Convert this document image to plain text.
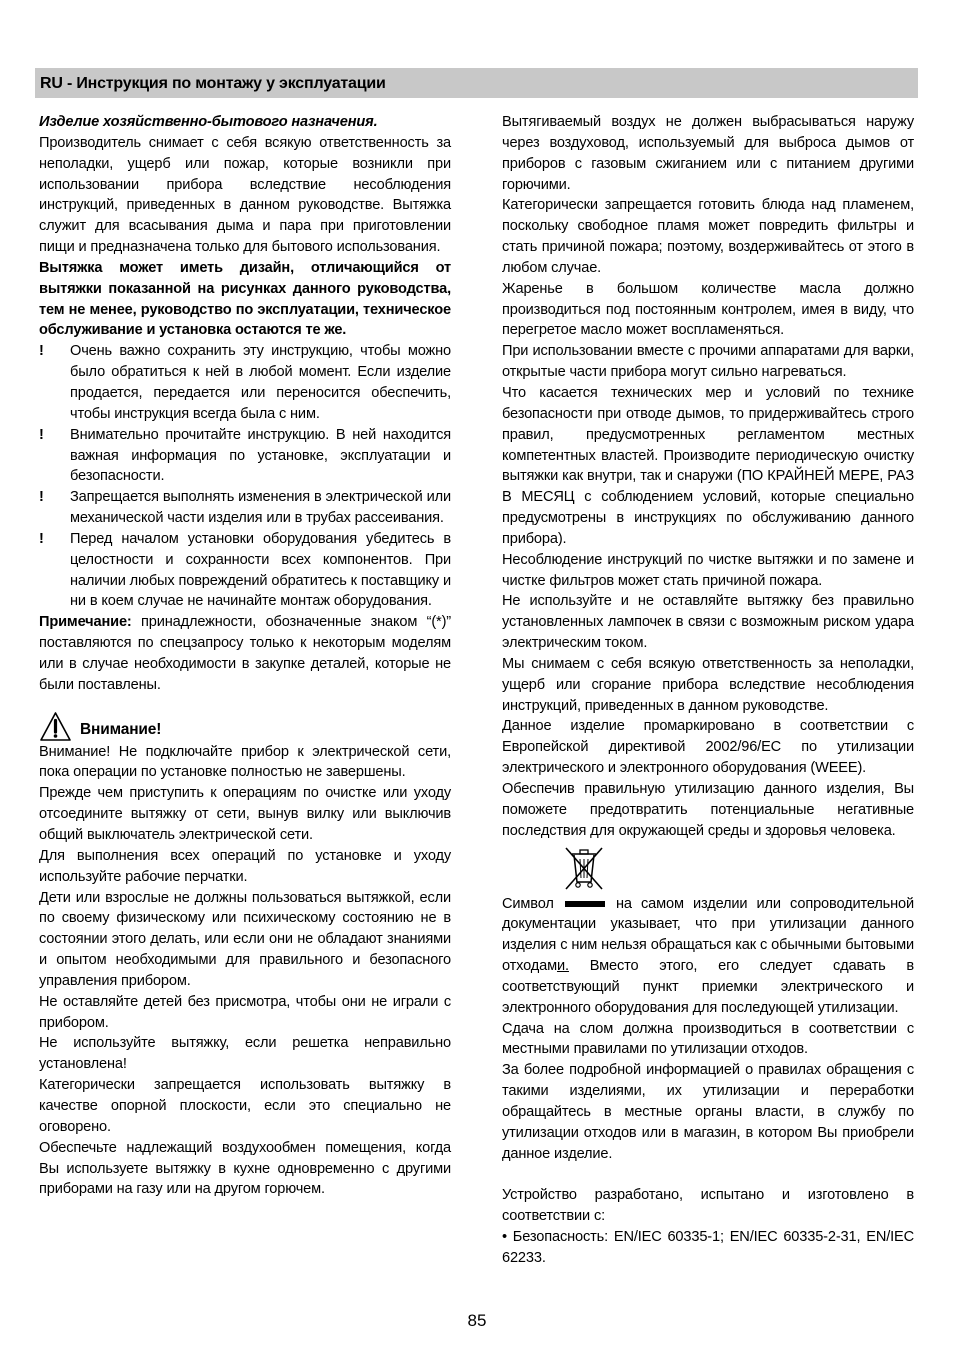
RU - Инструкция по монтажу у эксплуатации

Изделие хозяйственно-бытового назначения.

Производитель снимает с себя всякую ответственность за неполадки, ущерб или пожар, которые возникли при использовании прибора вследствие несоблюдения инструкций, приведенных в данном руководстве. Вытяжка служит для всасывания дыма и пара при приготовлении пищи и предназначена только для бытового использования.

Вытяжка может иметь дизайн, отличающийся от вытяжки показанной на рисунках данного руководства, тем не менее, руководство по эксплуатации, техническое обслуживание и установка остаются те же.

!	Очень важно сохранить эту инструкцию, чтобы можно было обратиться к ней в любой момент. Если изделие продается, передается или переносится обеспечить, чтобы инструкция всегда была с ним.
!	Внимательно прочитайте инструкцию. В ней находится важная информация по установке, эксплуатации и безопасности.
!	Запрещается выполнять изменения в электрической или механической части изделия или в трубах рассеивания.
!	Перед началом установки оборудования убедитесь в целостности и сохранности всех компонентов. При наличии любых повреждений обратитесь к поставщику и ни в коем случае не начинайте монтаж оборудования.

Примечание: принадлежности, обозначенные знаком “(*)” поставляются по спецзапросу только к некоторым моделям или в случае необходимости в закупке деталей, которые не были поставлены.

Внимание!

Внимание! Не подключайте прибор к электрической сети, пока операции по установке полностью не завершены.

Прежде чем приступить к операциям по очистке или уходу отсоедините вытяжку от сети, вынув вилку или выключив общий выключатель электрической сети.

Для выполнения всех операций по установке и уходу используйте рабочие перчатки.

Дети или взрослые не должны пользоваться вытяжкой, если по своему физическому или психическому состоянию не в состоянии этого делать, или если они не обладают знаниями и опытом необходимыми для правильного и безопасного управления прибором.

Не оставляйте детей без присмотра, чтобы они не играли с прибором.

Не используйте вытяжку, если решетка неправильно установлена!

Категорически запрещается использовать вытяжку в качестве опорной плоскости, если это специально не оговорено.

Обеспечьте надлежащий воздухообмен помещения, когда Вы используете вытяжку в кухне одновременно с другими приборами на газу или на другом горючем.

Вытягиваемый воздух не должен выбрасываться наружу через воздуховод, используемый для выброса дымов от приборов с газовым сжиганием или с питанием другими горючими.

Категорически запрещается готовить блюда над пламенем, поскольку свободное пламя может повредить фильтры и стать причиной пожара; поэтому, воздерживайтесь от этого в любом случае.

Жаренье в большом количестве масла должно производиться под постоянным контролем, имея в виду, что перегретое масло может воспламеняться.

При использовании вместе с прочими аппаратами для варки, открытые части прибора могут сильно нагреваться.

Что касается технических мер и условий по технике безопасности при отводе дымов, то придерживайтесь строго правил, предусмотренных регламентом местных компетентных властей. Производите периодическую очистку вытяжки как внутри, так и снаружи (ПО КРАЙНЕЙ МЕРЕ, РАЗ В МЕСЯЦ с соблюдением условий, которые специально предусмотрены в инструкциях по обслуживанию данного прибора).

Несоблюдение инструкций по чистке вытяжки и по замене и чистке фильтров может стать причиной пожара.

Не используйте и не оставляйте вытяжку без правильно установленных лампочек в связи с возможным риском удара электрическим током.

Мы снимаем с себя всякую ответственность за неполадки, ущерб или сгорание прибора вследствие несоблюдения инструкций, приведенных в данном руководстве.

Данное изделие промаркировано в соответствии с Европейской директивой 2002/96/ЕС по утилизации электрического и электронного оборудования (WEEE).

Обеспечив правильную утилизацию данного изделия, Вы поможете предотвратить потенциальные негативные последствия для окружающей среды и здоровья человека.

Символ	на самом изделии или сопроводительной документации указывает, что при утилизации данного изделия с ним нельзя обращаться как с обычными бытовыми отходами. Вместо этого, его следует сдавать в соответствующий пункт приемки электрического и электронного оборудования для последующей утилизации.

Сдача на слом должна производиться в соответствии с местными правилами по утилизации отходов.

За более подробной информацией о правилах обращения с такими изделиями, их утилизации и переработки обращайтесь в местные органы власти, в службу по утилизации отходов или в магазин, в котором Вы приобрели данное изделие.

Устройство разработано, испытано и изготовлено в соответствии с:

• Безопасность: EN/IEC 60335-1; EN/IEC 60335-2-31, EN/IEC 62233.

85
